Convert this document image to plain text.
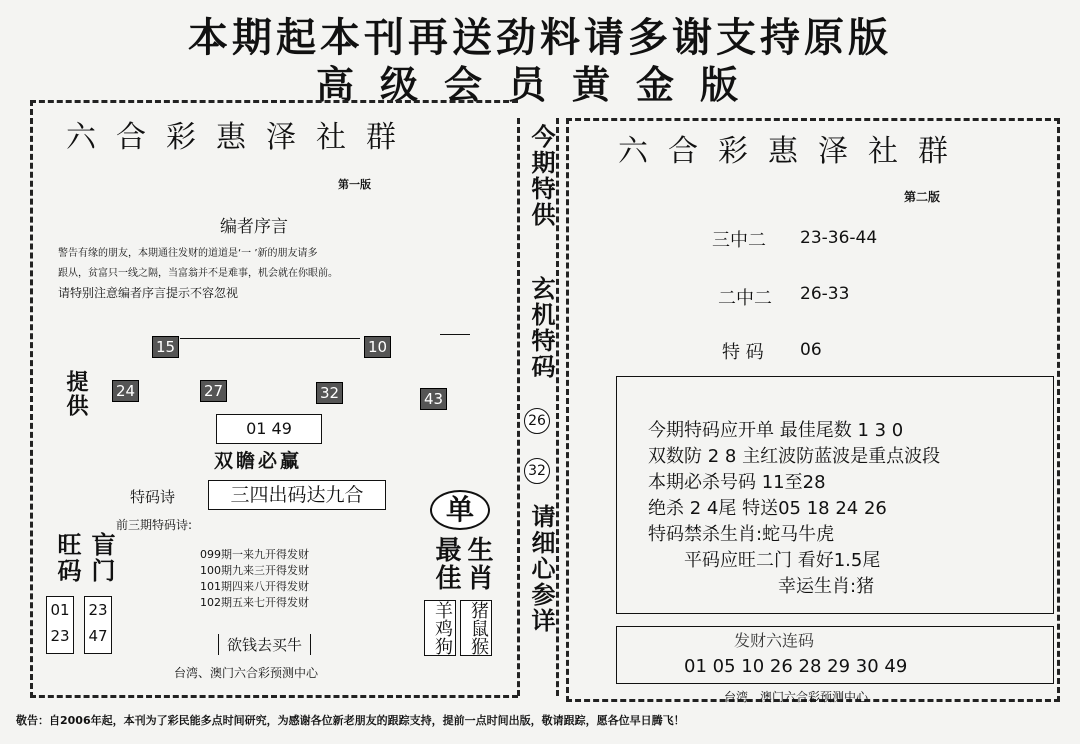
本期起本刊再送劲料请多谢支持原版
高级会员黄金版
六合彩惠泽社群
第一版
编者序言
警告有缘的朋友，本期通往发财的道道是‘一 ’新的朋友请多
跟从，贫富只一线之隔，当富翁并不是难事，机会就在你眼前。
请特别注意编者序言提示不容忽视
15	10
提供 24	27	32	43
01 49
双瞻必赢
特码诗	三四出码达九合
前三期特码诗:
099期一来九开得发财
100期九来三开得发财
101期四来八开得发财
102期五来七开得发财
旺码 盲门
01
23
23
47	欲钱去买牛
台湾、澳门六合彩预测中心
单
最佳 生肖
羊鸡狗 猪鼠猴
今期特供
玄机特码
26
32
请细心参详
六合彩惠泽社群
第二版
三中二 23-36-44
二中二 26-33
特 码 06
今期特码应开单 最佳尾数 1 3 0
双数防 2 8 主红波防蓝波是重点波段
本期必杀号码 11至28
绝杀 2 4尾 特送05 18 24 26
特码禁杀生肖:蛇马牛虎
平码应旺二门 看好1.5尾
幸运生肖:猪
发财六连码
01 05 10 26 28 29 30 49
台湾、澳门六合彩预测中心
敬告：自2006年起，本刊为了彩民能多点时间研究，为感谢各位新老朋友的跟踪支持，提前一点时间出版，敬请跟踪，愿各位早日腾飞！
